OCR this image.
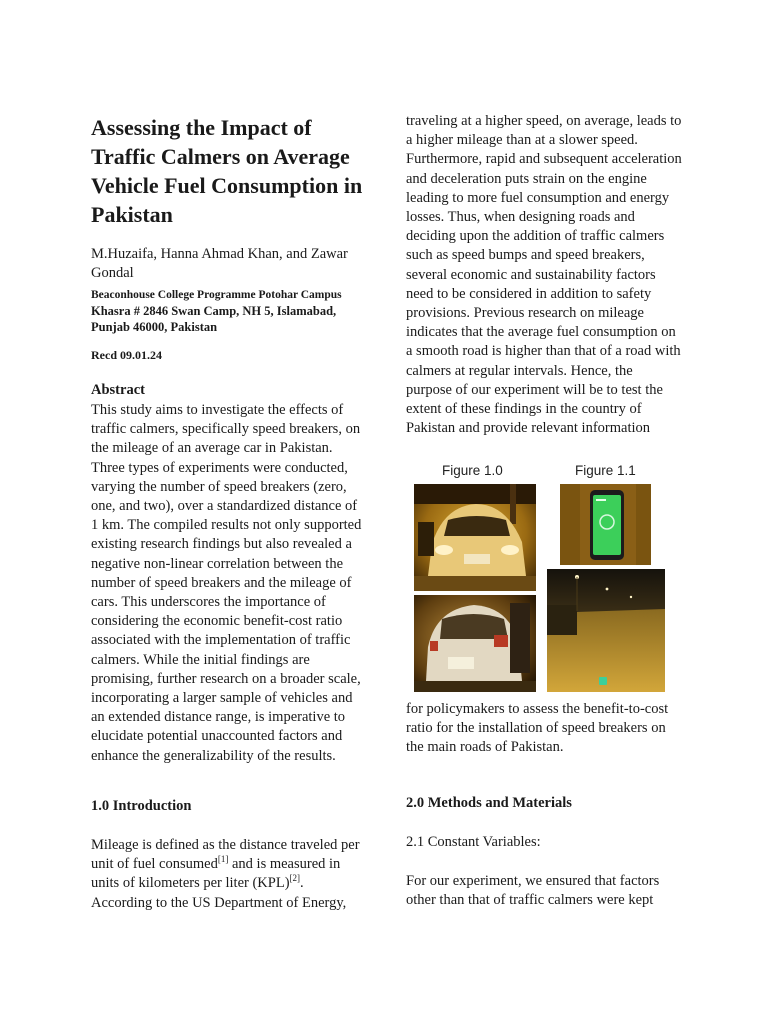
Assessing the Impact of Traffic Calmers on Average Vehicle Fuel Consumption in Pakistan

M.Huzaifa, Hanna Ahmad Khan, and Zawar Gondal

Beaconhouse College Programme Potohar Campus
Khasra # 2846 Swan Camp, NH 5, Islamabad, Punjab 46000, Pakistan
Recd 09.01.24
Abstract

This study aims to investigate the effects of traffic calmers, specifically speed breakers, on the mileage of an average car in Pakistan. Three types of experiments were conducted, varying the number of speed breakers (zero, one, and two), over a standardized distance of 1 km. The compiled results not only supported existing research findings but also revealed a negative non-linear correlation between the number of speed breakers and the mileage of cars. This underscores the importance of considering the economic benefit-cost ratio associated with the implementation of traffic calmers. While the initial findings are promising, further research on a broader scale, incorporating a larger sample of vehicles and an extended distance range, is imperative to elucidate potential unaccounted factors and enhance the generalizability of the results.

1.0 Introduction

Mileage is defined as the distance traveled per unit of fuel consumed[1] and is measured in units of kilometers per liter (KPL)[2]. According to the US Department of Energy,

traveling at a higher speed, on average, leads to a higher mileage than at a slower speed. Furthermore, rapid and subsequent acceleration and deceleration puts strain on the engine leading to more fuel consumption and energy losses. Thus, when designing roads and deciding upon the addition of traffic calmers such as speed bumps and speed breakers, several economic and sustainability factors need to be considered in addition to safety provisions. Previous research on mileage indicates that the average fuel consumption on a smooth road is higher than that of a road with calmers at regular intervals. Hence, the purpose of our experiment will be to test the extent of these findings in the country of Pakistan and provide relevant information

Figure 1.0	Figure 1.1

for policymakers to assess the benefit-to-cost ratio for the installation of speed breakers on the main roads of Pakistan.

2.0 Methods and Materials
2.1 Constant Variables:

For our experiment, we ensured that factors other than that of traffic calmers were kept
